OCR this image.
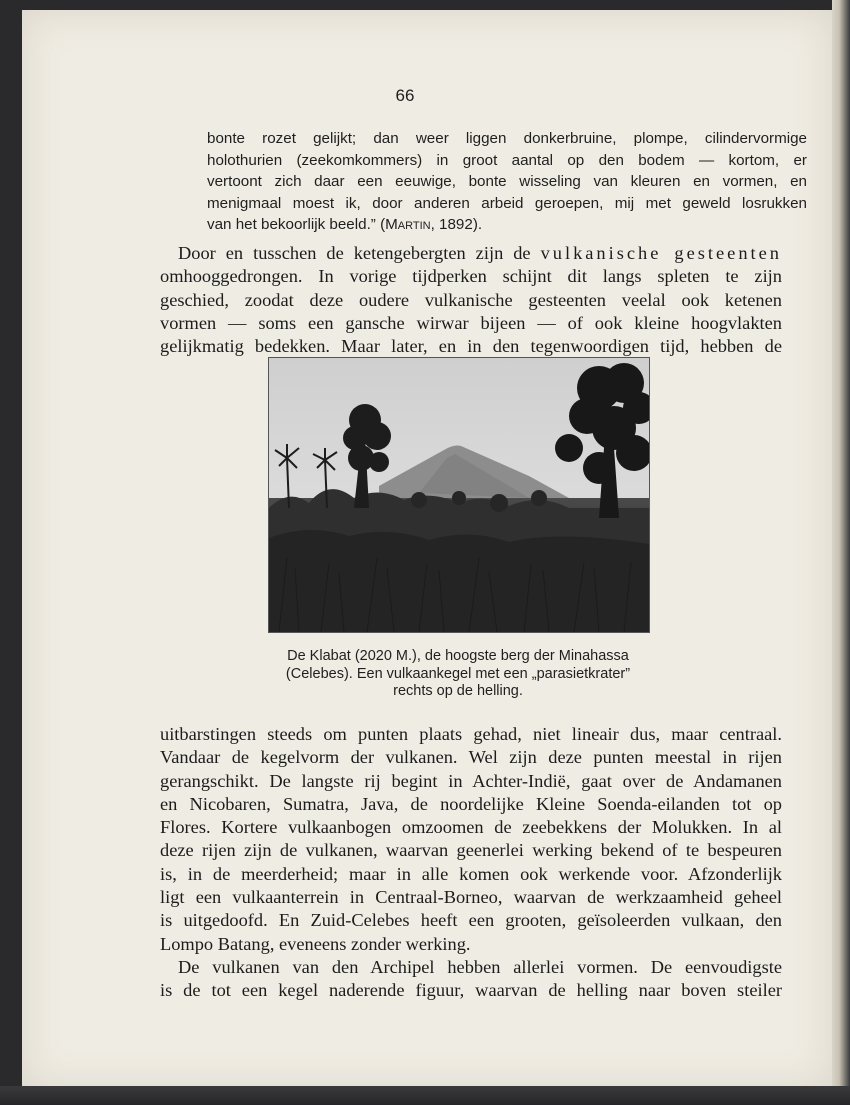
66
bonte rozet gelijkt; dan weer liggen donkerbruine, plompe, cilindervormige
holothurien (zeekomkommers) in groot aantal op den bodem — kortom, er
vertoont zich daar een eeuwige, bonte wisseling van kleuren en vormen, en
menigmaal moest ik, door anderen arbeid geroepen, mij met geweld losrukken
van het bekoorlijk beeld.” (Martin, 1892).
Door en tusschen de ketengebergten zijn de vulkanische gesteenten
omhooggedrongen. In vorige tijdperken schijnt dit langs spleten te zijn
geschied, zoodat deze oudere vulkanische gesteenten veelal ook ketenen
vormen — soms een gansche wirwar bijeen — of ook kleine hoogvlakten
gelijkmatig bedekken. Maar later, en in den tegenwoordigen tijd, hebben de
De Klabat (2020 M.), de hoogste berg der Minahassa
(Celebes). Een vulkaankegel met een „parasietkrater”
rechts op de helling.
uitbarstingen steeds om punten plaats gehad, niet lineair dus, maar centraal.
Vandaar de kegelvorm der vulkanen. Wel zijn deze punten meestal in rijen
gerangschikt. De langste rij begint in Achter-Indië, gaat over de Andamanen
en Nicobaren, Sumatra, Java, de noordelijke Kleine Soenda-eilanden tot op
Flores. Kortere vulkaanbogen omzoomen de zeebekkens der Molukken. In al
deze rijen zijn de vulkanen, waarvan geenerlei werking bekend of te bespeuren
is, in de meerderheid; maar in alle komen ook werkende voor. Afzonderlijk
ligt een vulkaanterrein in Centraal-Borneo, waarvan de werkzaamheid geheel
is uitgedoofd. En Zuid-Celebes heeft een grooten, geïsoleerden vulkaan, den
Lompo Batang, eveneens zonder werking.
De vulkanen van den Archipel hebben allerlei vormen. De eenvoudigste
is de tot een kegel naderende figuur, waarvan de helling naar boven steiler
